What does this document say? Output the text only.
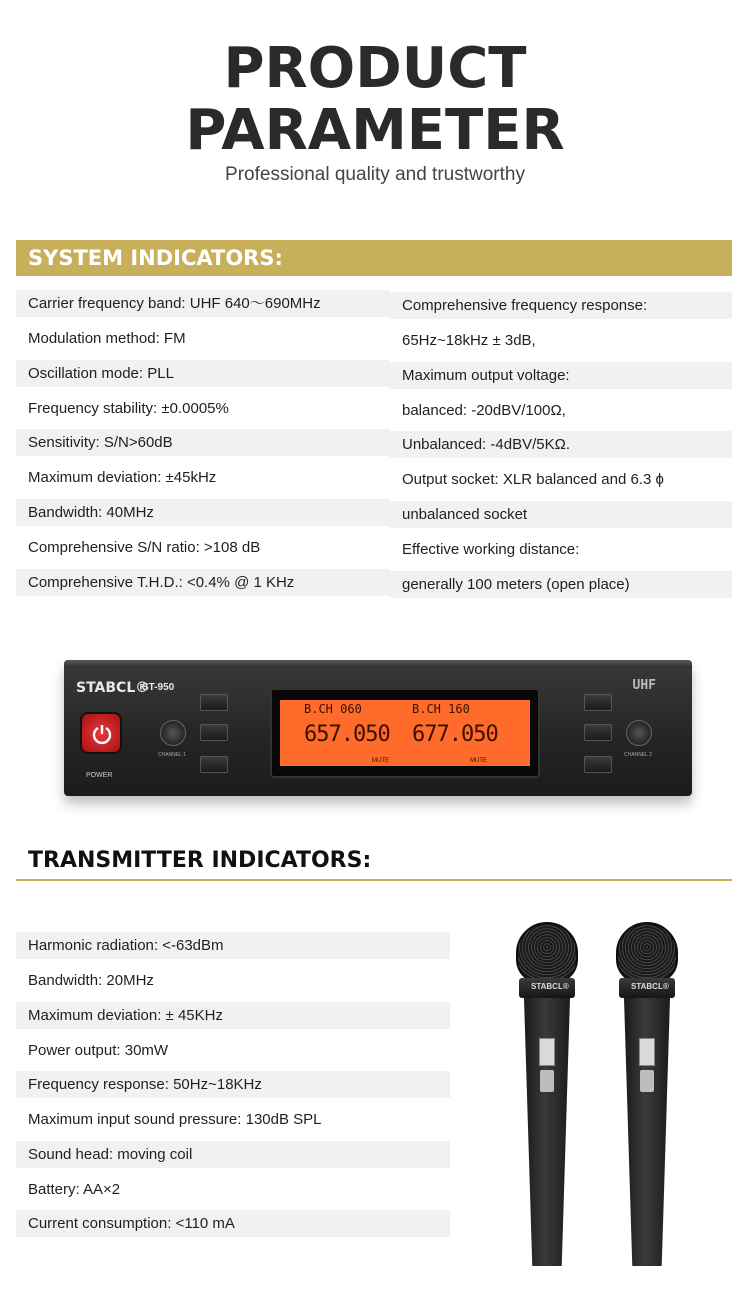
PRODUCT
PARAMETER
Professional quality and trustworthy
SYSTEM INDICATORS:
Carrier frequency band: UHF 640～690MHz
Modulation method: FM
Oscillation mode: PLL
Frequency stability: ±0.0005%
Sensitivity: S/N>60dB
Maximum deviation: ±45kHz
Bandwidth: 40MHz
Comprehensive S/N ratio: >108 dB
Comprehensive T.H.D.: <0.4% @ 1 KHz
Comprehensive frequency response:
65Hz~18kHz ± 3dB,
Maximum output voltage:
balanced: -20dBV/100Ω,
Unbalanced: -4dBV/5KΩ.
Output socket: XLR balanced and 6.3 ϕ
unbalanced socket
Effective working distance:
generally 100 meters (open place)
STABCL®
ST-950	UHF
POWER
CHANNEL 1
B.CH 060
657.050
B.CH 160
677.050
MUTE	MUTE
CHANNEL 2
TRANSMITTER INDICATORS:
Harmonic radiation: <-63dBm
Bandwidth: 20MHz
Maximum deviation: ± 45KHz
Power output: 30mW
Frequency response: 50Hz~18KHz
Maximum input sound pressure: 130dB SPL
Sound head: moving coil
Battery: AA×2
Current consumption: <110 mA
STABCL®	STABCL®
